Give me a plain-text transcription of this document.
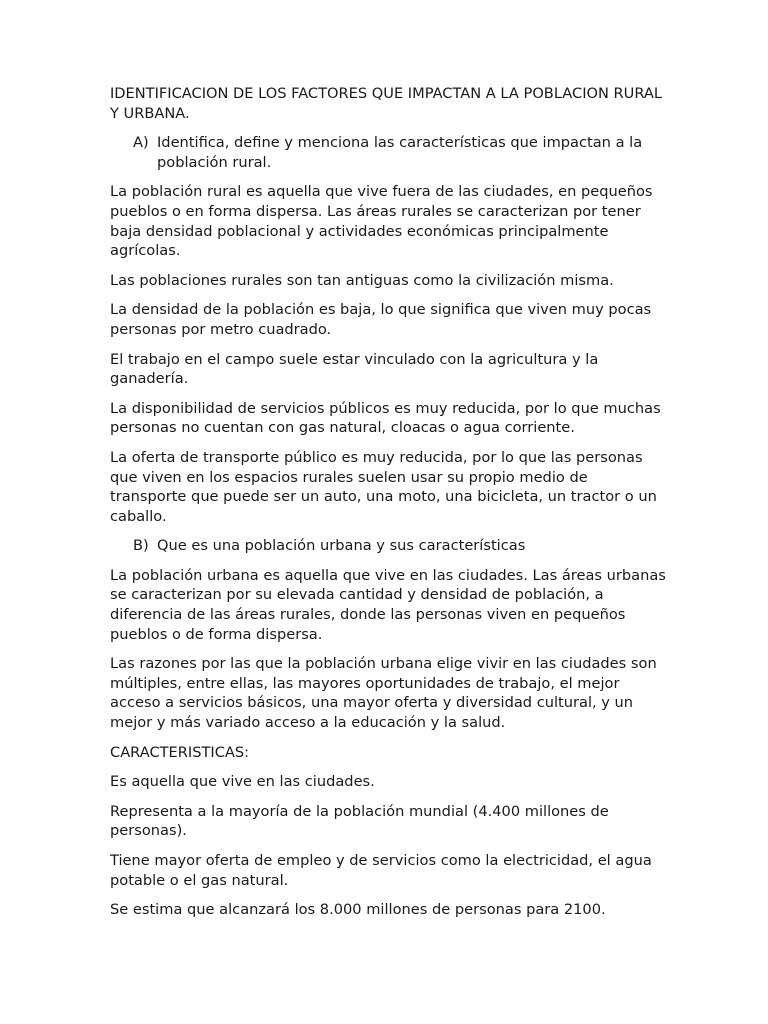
IDENTIFICACION DE LOS FACTORES QUE IMPACTAN A LA POBLACION RURAL Y URBANA.

A) Identifica, define y menciona las características que impactan a la población rural.

La población rural es aquella que vive fuera de las ciudades, en pequeños pueblos o en forma dispersa. Las áreas rurales se caracterizan por tener baja densidad poblacional y actividades económicas principalmente agrícolas.

Las poblaciones rurales son tan antiguas como la civilización misma.

La densidad de la población es baja, lo que significa que viven muy pocas personas por metro cuadrado.

El trabajo en el campo suele estar vinculado con la agricultura y la ganadería.

La disponibilidad de servicios públicos es muy reducida, por lo que muchas personas no cuentan con gas natural, cloacas o agua corriente.

La oferta de transporte público es muy reducida, por lo que las personas que viven en los espacios rurales suelen usar su propio medio de transporte que puede ser un auto, una moto, una bicicleta, un tractor o un caballo.

B) Que es una población urbana y sus características

La población urbana es aquella que vive en las ciudades. Las áreas urbanas se caracterizan por su elevada cantidad y densidad de población, a diferencia de las áreas rurales, donde las personas viven en pequeños pueblos o de forma dispersa.

Las razones por las que la población urbana elige vivir en las ciudades son múltiples, entre ellas, las mayores oportunidades de trabajo, el mejor acceso a servicios básicos, una mayor oferta y diversidad cultural, y un mejor y más variado acceso a la educación y la salud.

CARACTERISTICAS:

Es aquella que vive en las ciudades.

Representa a la mayoría de la población mundial (4.400 millones de personas).

Tiene mayor oferta de empleo y de servicios como la electricidad, el agua potable o el gas natural.

Se estima que alcanzará los 8.000 millones de personas para 2100.
